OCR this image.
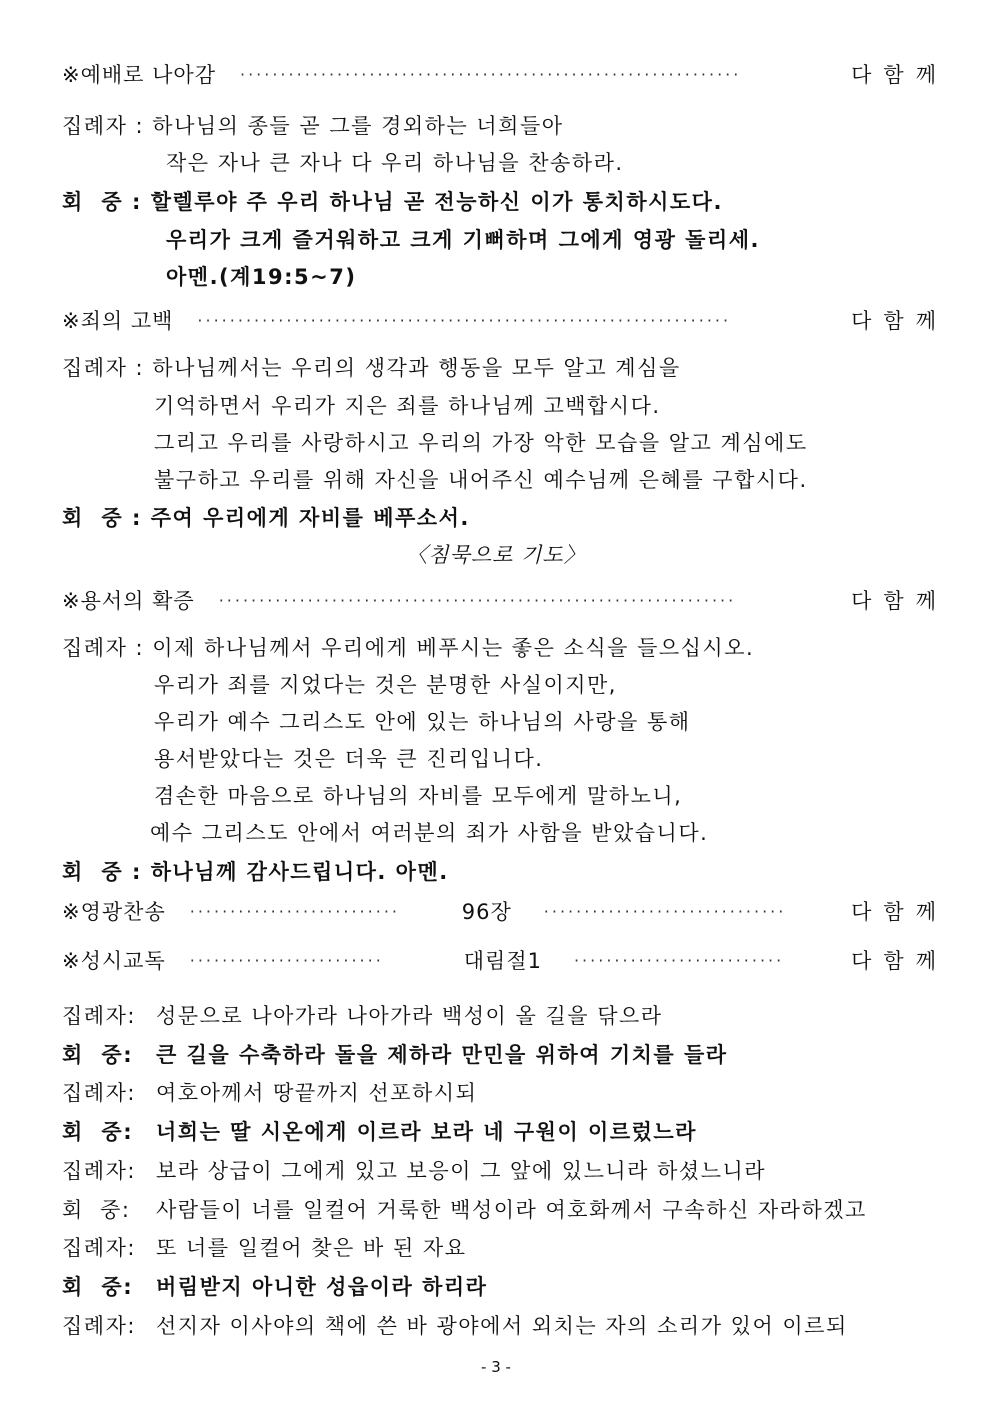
※예배로 나아감 ······························································	다함께
집례자 : 하나님의 종들 곧 그를 경외하는 너희들아
작은 자나 큰 자나 다 우리 하나님을 찬송하라.
회  중 : 할렐루야 주 우리 하나님 곧 전능하신 이가 통치하시도다.
우리가 크게 즐거워하고 크게 기뻐하며 그에게 영광 돌리세.
아멘.(계19:5~7)
※죄의 고백 ··································································	다함께
집례자 : 하나님께서는 우리의 생각과 행동을 모두 알고 계심을
기억하면서 우리가 지은 죄를 하나님께 고백합시다.
그리고 우리를 사랑하시고 우리의 가장 악한 모습을 알고 계심에도
불구하고 우리를 위해 자신을 내어주신 예수님께 은혜를 구합시다.
회  중 : 주여 우리에게 자비를 베푸소서.
〈침묵으로 기도〉
※용서의 확증 ································································	다함께
집례자 : 이제 하나님께서 우리에게 베푸시는 좋은 소식을 들으십시오.
우리가 죄를 지었다는 것은 분명한 사실이지만,
우리가 예수 그리스도 안에 있는 하나님의 사랑을 통해
용서받았다는 것은 더욱 큰 진리입니다.
겸손한 마음으로 하나님의 자비를 모두에게 말하노니,
예수 그리스도 안에서 여러분의 죄가 사함을 받았습니다.
회  중 : 하나님께 감사드립니다. 아멘.
※영광찬송 ··························	96장 ······························	다함께
※성시교독 ························	대림절1 ··························	다함께
집례자: 성문으로 나아가라 나아가라 백성이 올 길을 닦으라
회  중: 큰 길을 수축하라 돌을 제하라 만민을 위하여 기치를 들라
집례자: 여호아께서 땅끝까지 선포하시되
회  중: 너희는 딸 시온에게 이르라 보라 네 구원이 이르렀느라
집례자: 보라 상급이 그에게 있고 보응이 그 앞에 있느니라 하셨느니라
회  중: 사람들이 너를 일컬어 거룩한 백성이라 여호화께서 구속하신 자라하겠고
집례자: 또 너를 일컬어 찾은 바 된 자요
회  중: 버림받지 아니한 성읍이라 하리라
집례자: 선지자 이사야의 책에 쓴 바 광야에서 외치는 자의 소리가 있어 이르되
- 3 -
